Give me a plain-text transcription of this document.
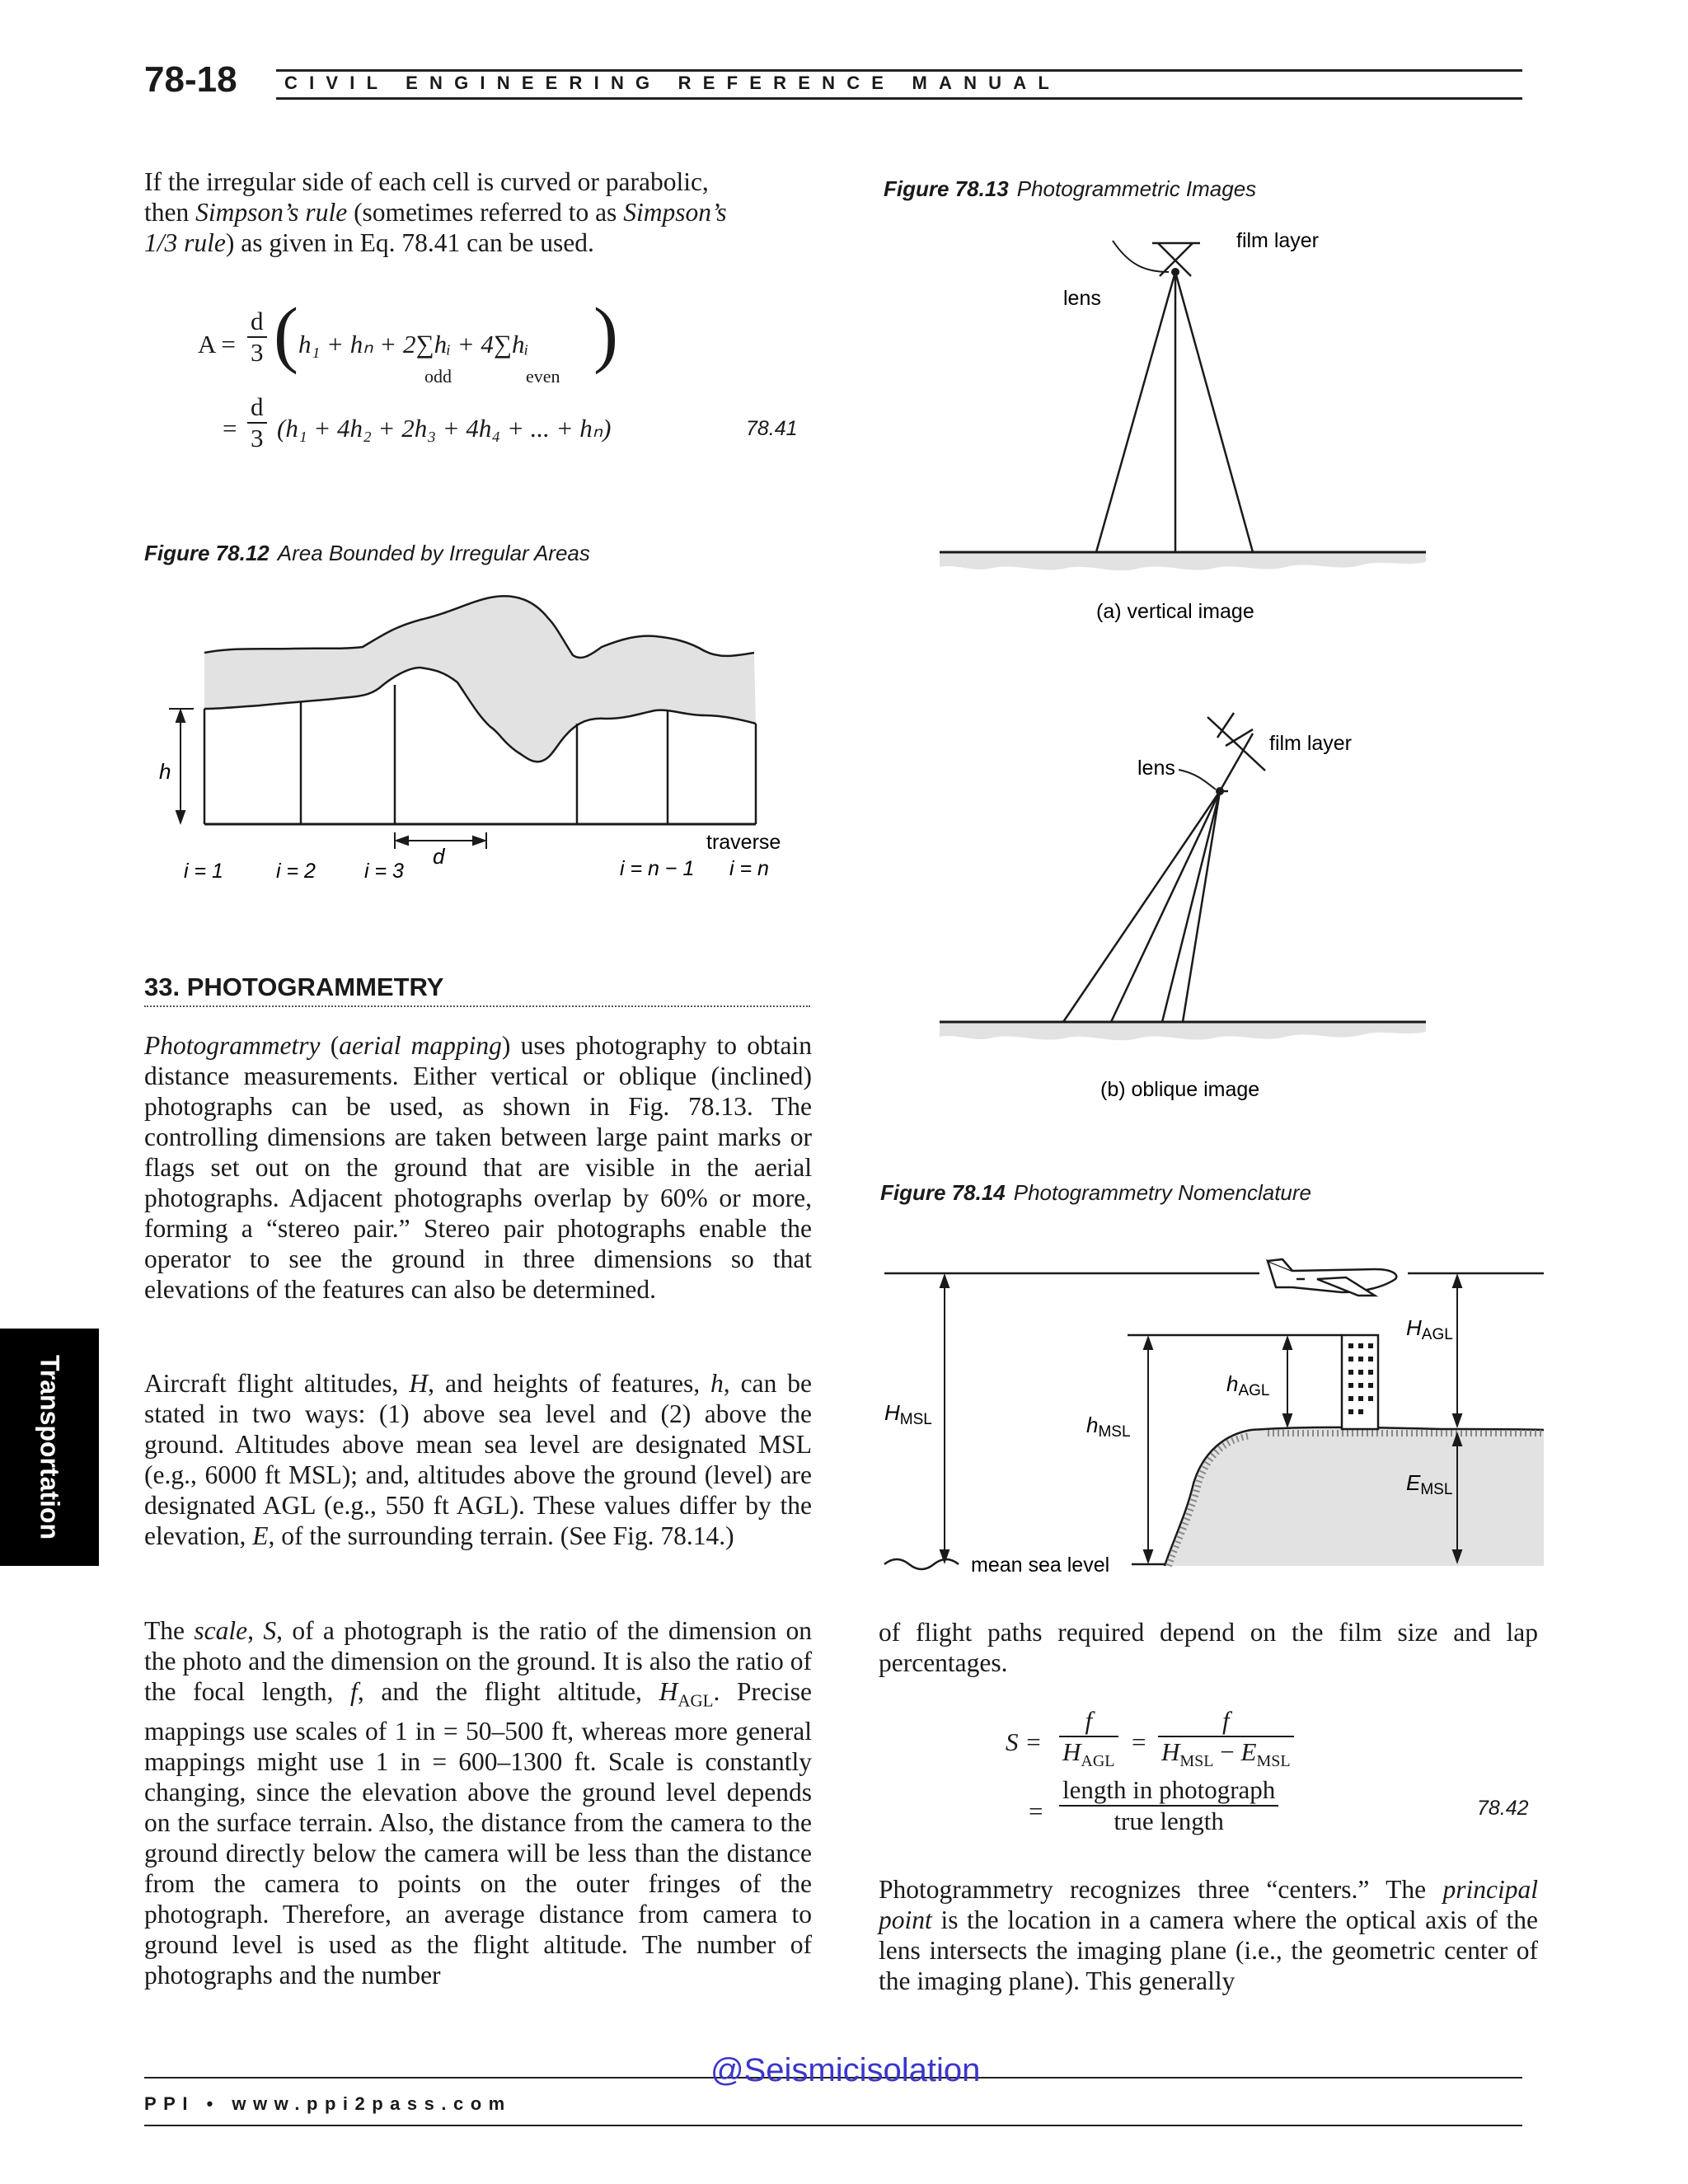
78-18	CIVIL ENGINEERING REFERENCE MANUAL
If the irregular side of each cell is curved or parabolic,
then Simpson’s rule (sometimes referred to as Simpson’s
1/3 rule) as given in Eq. 78.41 can be used.
$A = \frac{d}{3}$ ( h₁ + hₙ + 2∑hᵢ + 4∑hᵢ )
odd	even
= $\frac{d}{3} (h_1 + 4h_2 + 2h_3 + 4h_4$ + ... + hₙ)	78.41
Figure 78.12 Area Bounded by Irregular Areas
h
d
traverse
i = 1	i = 2 i = 3	i = n − 1 i = n
33. PHOTOGRAMMETRY
Photogrammetry (aerial mapping) uses photography to obtain distance measurements. Either vertical or oblique (inclined) photographs can be used, as shown in Fig. 78.13. The controlling dimensions are taken between large paint marks or flags set out on the ground that are visible in the aerial photographs. Adjacent photographs overlap by 60% or more, forming a “stereo pair.” Stereo pair photographs enable the operator to see the ground in three dimensions so that elevations of the features can also be determined.
Aircraft flight altitudes, H, and heights of features, h, can be stated in two ways: (1) above sea level and (2) above the ground. Altitudes above mean sea level are designated MSL (e.g., 6000 ft MSL); and, altitudes above the ground (level) are designated AGL (e.g., 550 ft AGL). These values differ by the elevation, E, of the surrounding terrain. (See Fig. 78.14.)
The scale, S, of a photograph is the ratio of the dimension on the photo and the dimension on the ground. It is also the ratio of the focal length, f, and the flight altitude, $H_{AGL}$. Precise mappings use scales of 1 in = 50–500 ft, whereas more general mappings might use 1 in = 600–1300 ft. Scale is constantly changing, since the elevation above the ground level depends on the surface terrain. Also, the distance from the camera to the ground directly below the camera will be less than the distance from the camera to points on the outer fringes of the photograph. Therefore, an average distance from camera to ground level is used as the flight altitude. The number of photographs and the number
Figure 78.13 Photogrammetric Images
film layer
lens
(a) vertical image
film layer
lens
(b) oblique image
Figure 78.14 Photogrammetry Nomenclature
HAGL
hAGL
HMSL	hMSL
EMSL
mean sea level
of flight paths required depend on the film size and lap percentages.
S =
f
$H_{AGL}$
=
f
$H_{MSL} - E_{MSL}$
=
length in photograph
true length	78.42
Photogrammetry recognizes three “centers.” The principal point is the location in a camera where the optical axis of the lens intersects the imaging plane (i.e., the geometric center of the imaging plane). This generally
Transportation
PPI • www.ppi2pass.com
@Seismicisolation
